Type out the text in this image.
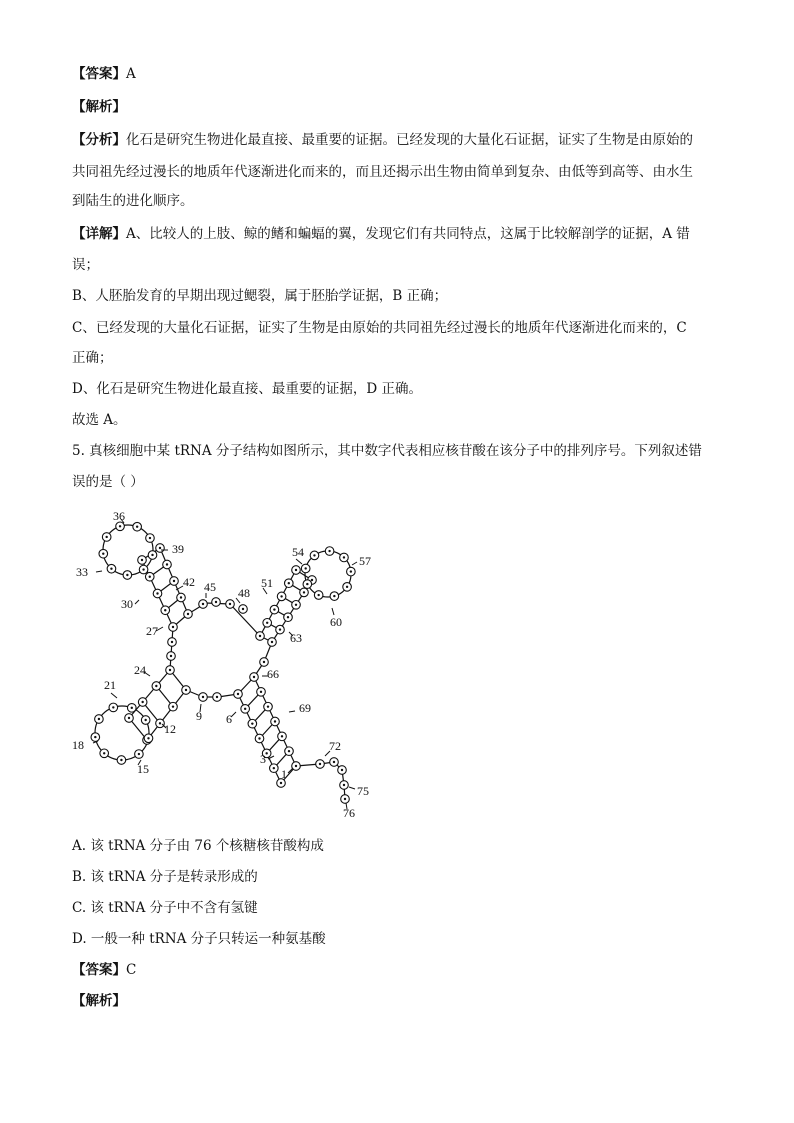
【答案】A
【解析】
【分析】化石是研究生物进化最直接、最重要的证据。已经发现的大量化石证据，证实了生物是由原始的
共同祖先经过漫长的地质年代逐渐进化而来的，而且还揭示出生物由简单到复杂、由低等到高等、由水生
到陆生的进化顺序。
【详解】A、比较人的上肢、鲸的鳍和蝙蝠的翼，发现它们有共同特点，这属于比较解剖学的证据，A 错
误；
B、人胚胎发育的早期出现过鳃裂，属于胚胎学证据，B 正确；
C、已经发现的大量化石证据，证实了生物是由原始的共同祖先经过漫长的地质年代逐渐进化而来的，C
正确；
D、化石是研究生物进化最直接、最重要的证据，D 正确。
故选 A。
5. 真核细胞中某 tRNA 分子结构如图所示，其中数字代表相应核苷酸在该分子中的排列序号。下列叙述错
误的是（ ）
36
39
33
42 45 48
51
54
57
30
27	63
60
24	66
21
9
12
69
6
18	72
3
15	1
75
76
A. 该 tRNA 分子由 76 个核糖核苷酸构成
B. 该 tRNA 分子是转录形成的
C. 该 tRNA 分子中不含有氢键
D. 一般一种 tRNA 分子只转运一种氨基酸
【答案】C
【解析】
